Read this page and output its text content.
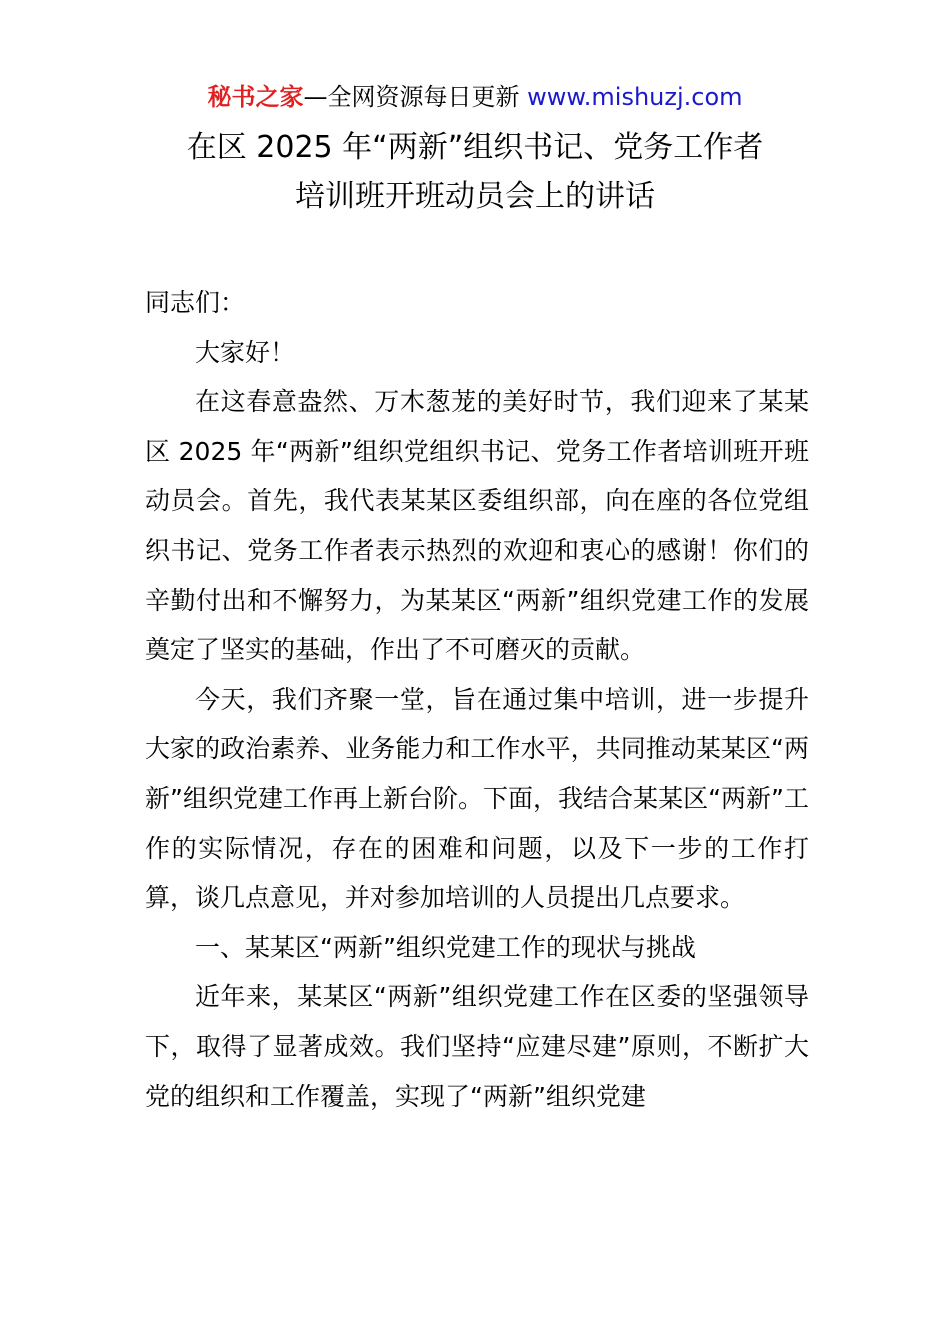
秘书之家—全网资源每日更新 www.mishuzj.com
在区 2025 年“两新”组织书记、党务工作者
培训班开班动员会上的讲话

同志们：

大家好！

在这春意盎然、万木葱茏的美好时节，我们迎来了某某区 2025 年“两新”组织党组织书记、党务工作者培训班开班动员会。首先，我代表某某区委组织部，向在座的各位党组织书记、党务工作者表示热烈的欢迎和衷心的感谢！你们的辛勤付出和不懈努力，为某某区“两新”组织党建工作的发展奠定了坚实的基础，作出了不可磨灭的贡献。

今天，我们齐聚一堂，旨在通过集中培训，进一步提升大家的政治素养、业务能力和工作水平，共同推动某某区“两新”组织党建工作再上新台阶。下面，我结合某某区“两新”工作的实际情况，存在的困难和问题，以及下一步的工作打算，谈几点意见，并对参加培训的人员提出几点要求。

一、某某区“两新”组织党建工作的现状与挑战

近年来，某某区“两新”组织党建工作在区委的坚强领导下，取得了显著成效。我们坚持“应建尽建”原则，不断扩大党的组织和工作覆盖，实现了“两新”组织党建
